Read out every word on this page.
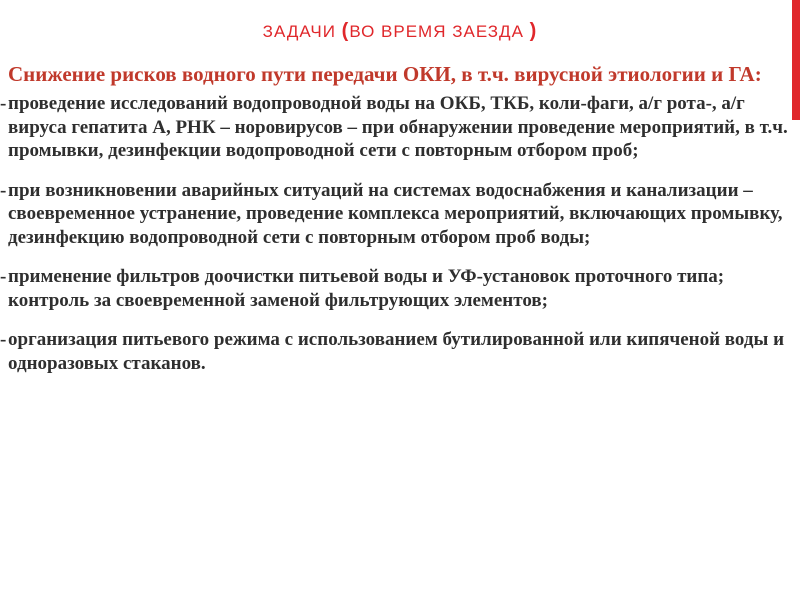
ЗАДАЧИ (ВО ВРЕМЯ ЗАЕЗДА )
Снижение рисков водного пути передачи ОКИ, в т.ч. вирусной этиологии и ГА:
- проведение исследований водопроводной воды на ОКБ, ТКБ, коли-фаги, а/г рота-, а/г вируса гепатита А, РНК – норовирусов – при обнаружении проведение мероприятий, в т.ч. промывки, дезинфекции водопроводной сети с повторным отбором проб;
- при возникновении аварийных ситуаций на системах водоснабжения и канализации – своевременное устранение, проведение комплекса мероприятий, включающих промывку, дезинфекцию водопроводной сети с повторным отбором проб воды;
- применение фильтров доочистки питьевой воды и УФ-установок проточного типа; контроль за своевременной заменой фильтрующих элементов;
- организация питьевого режима с использованием бутилированной или кипяченой воды и одноразовых стаканов.
